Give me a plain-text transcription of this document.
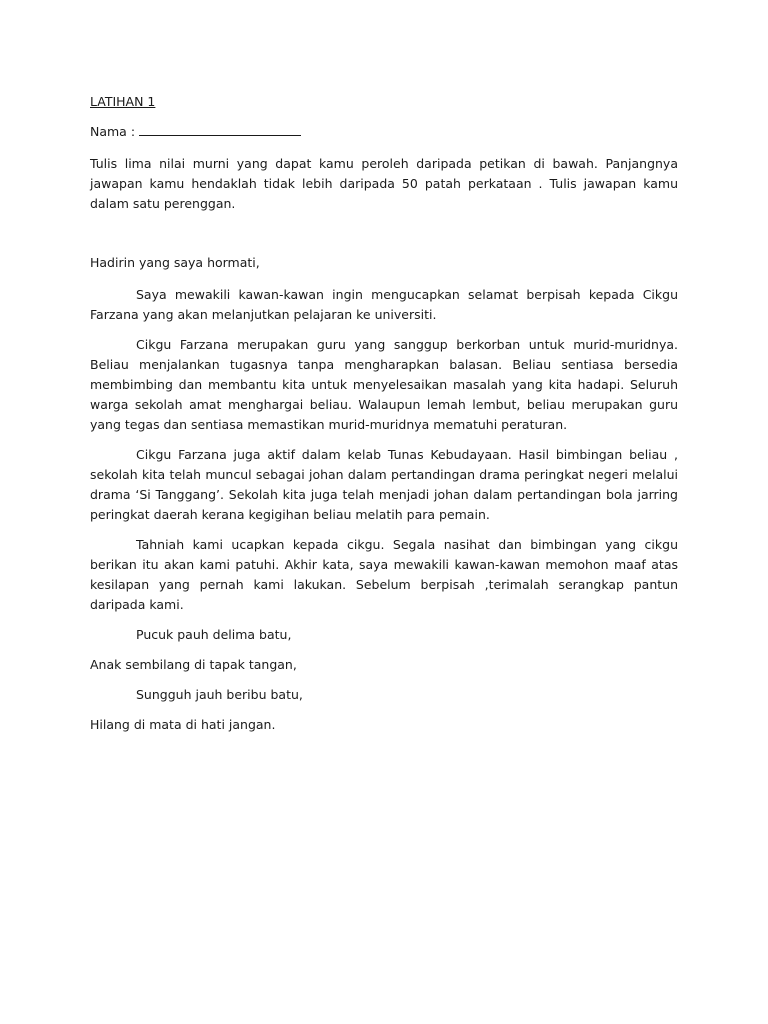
LATIHAN 1

Nama :

Tulis lima nilai murni yang dapat kamu peroleh daripada petikan di bawah. Panjangnya jawapan kamu hendaklah tidak lebih daripada 50 patah perkataan . Tulis jawapan kamu dalam satu perenggan.

Hadirin yang saya hormati,

Saya mewakili kawan-kawan ingin mengucapkan selamat berpisah kepada Cikgu Farzana yang akan melanjutkan pelajaran ke universiti.

Cikgu Farzana merupakan guru yang sanggup berkorban untuk murid-muridnya. Beliau menjalankan tugasnya tanpa mengharapkan balasan. Beliau sentiasa bersedia membimbing dan membantu kita untuk menyelesaikan masalah yang kita hadapi. Seluruh warga sekolah amat menghargai beliau. Walaupun lemah lembut, beliau merupakan guru yang tegas dan sentiasa memastikan murid-muridnya mematuhi peraturan.

Cikgu Farzana juga aktif dalam kelab Tunas Kebudayaan. Hasil bimbingan beliau , sekolah kita telah muncul sebagai johan dalam pertandingan drama peringkat negeri melalui drama ‘Si Tanggang’. Sekolah kita juga telah menjadi johan dalam pertandingan bola jarring peringkat daerah kerana kegigihan beliau melatih para pemain.

Tahniah kami ucapkan kepada cikgu. Segala nasihat dan bimbingan yang cikgu berikan itu akan kami patuhi. Akhir kata, saya mewakili kawan-kawan memohon maaf atas kesilapan yang pernah kami lakukan. Sebelum berpisah ,terimalah serangkap pantun daripada kami.

Pucuk pauh delima batu,

Anak sembilang di tapak tangan,

Sungguh jauh beribu batu,

Hilang di mata di hati jangan.
